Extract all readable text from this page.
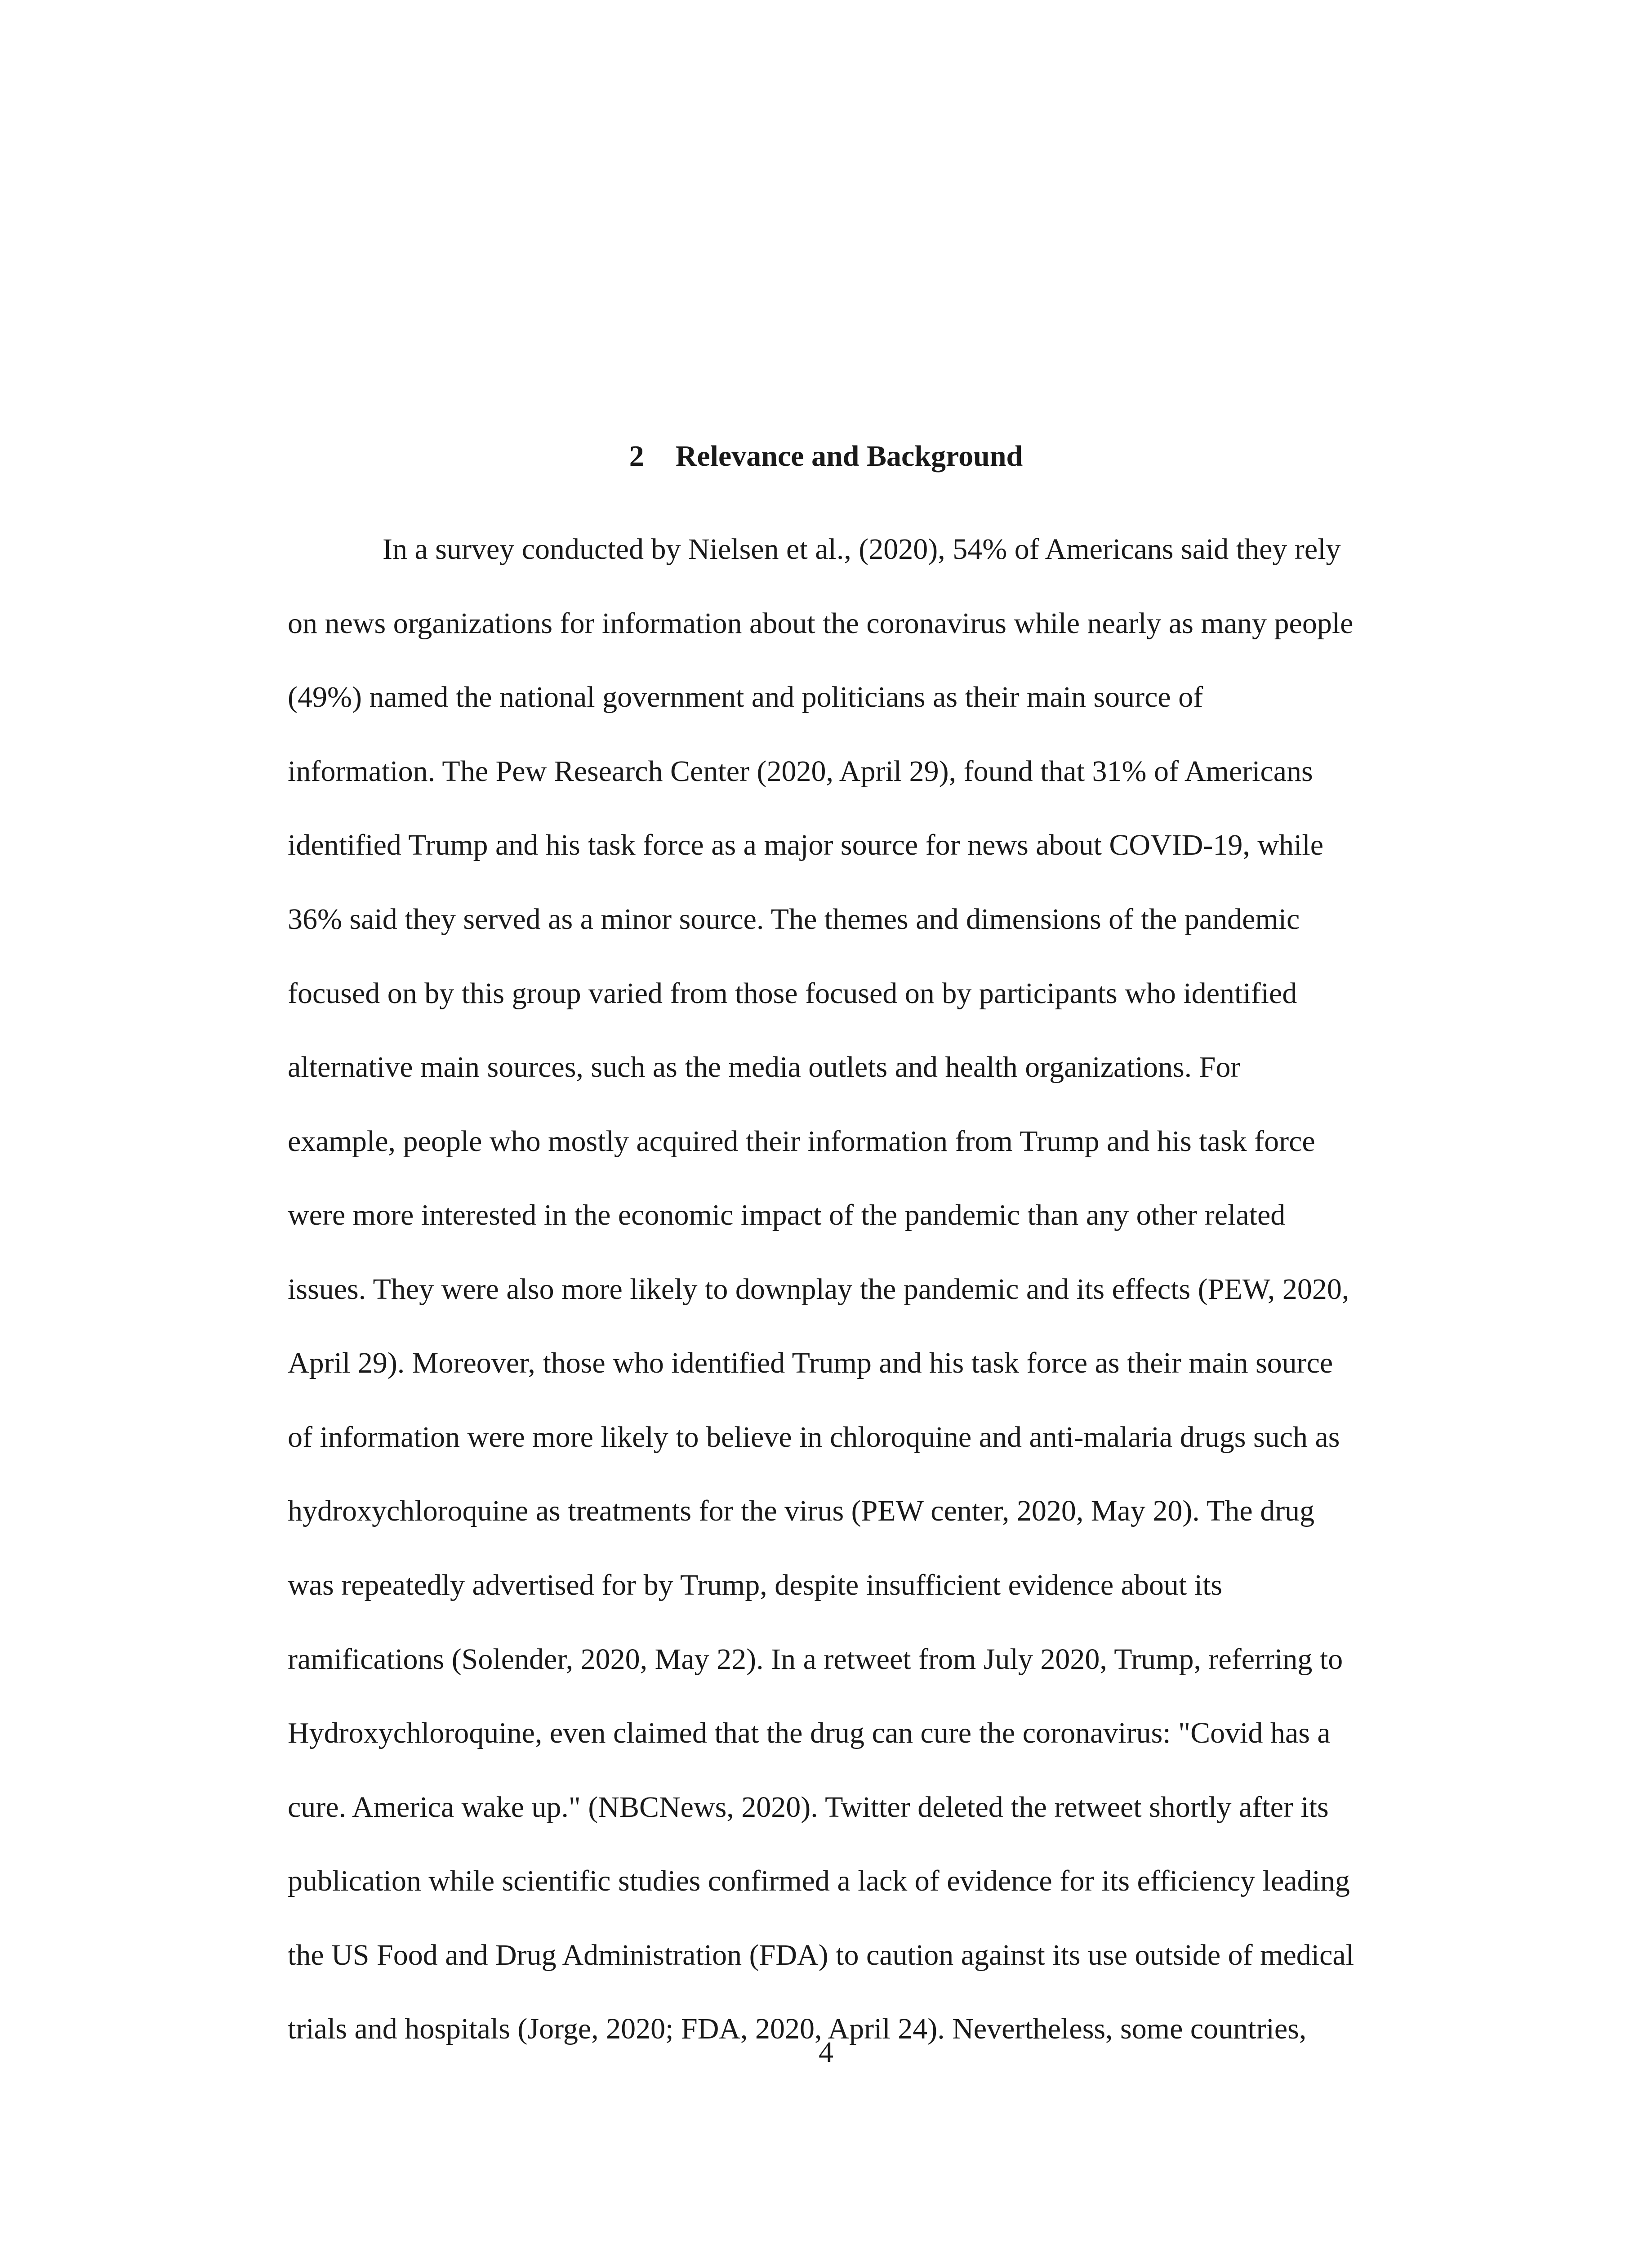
2 Relevance and Background
In a survey conducted by Nielsen et al., (2020), 54% of Americans said they rely
on news organizations for information about the coronavirus while nearly as many people
(49%) named the national government and politicians as their main source of
information. The Pew Research Center (2020, April 29), found that 31% of Americans
identified Trump and his task force as a major source for news about COVID-19, while
36% said they served as a minor source. The themes and dimensions of the pandemic
focused on by this group varied from those focused on by participants who identified
alternative main sources, such as the media outlets and health organizations. For
example, people who mostly acquired their information from Trump and his task force
were more interested in the economic impact of the pandemic than any other related
issues. They were also more likely to downplay the pandemic and its effects (PEW, 2020,
April 29). Moreover, those who identified Trump and his task force as their main source
of information were more likely to believe in chloroquine and anti-malaria drugs such as
hydroxychloroquine as treatments for the virus (PEW center, 2020, May 20). The drug
was repeatedly advertised for by Trump, despite insufficient evidence about its
ramifications (Solender, 2020, May 22). In a retweet from July 2020, Trump, referring to
Hydroxychloroquine, even claimed that the drug can cure the coronavirus: "Covid has a
cure. America wake up." (NBCNews, 2020). Twitter deleted the retweet shortly after its
publication while scientific studies confirmed a lack of evidence for its efficiency leading
the US Food and Drug Administration (FDA) to caution against its use outside of medical
trials and hospitals (Jorge, 2020; FDA, 2020, April 24). Nevertheless, some countries,
4
